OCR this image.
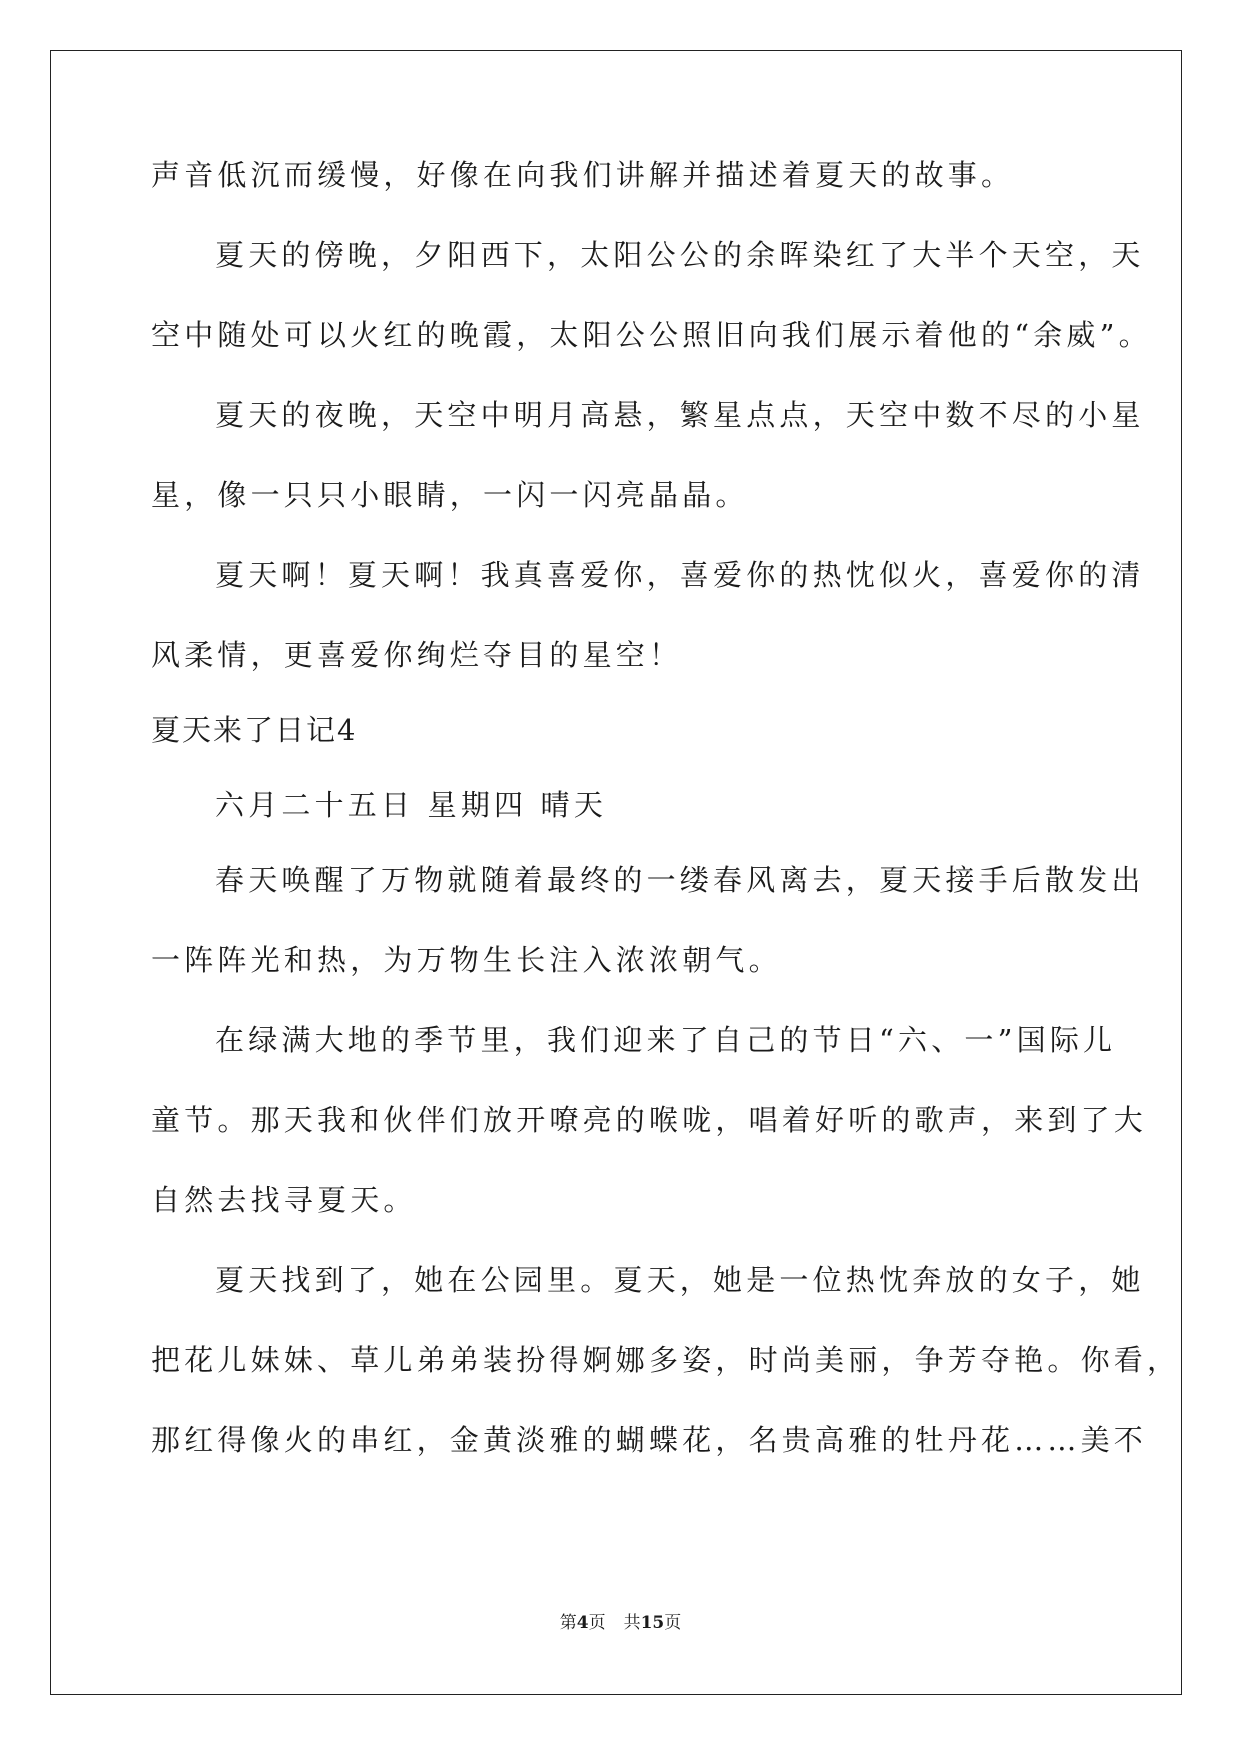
声音低沉而缓慢，好像在向我们讲解并描述着夏天的故事。
夏天的傍晚，夕阳西下，太阳公公的余晖染红了大半个天空，天
空中随处可以火红的晚霞，太阳公公照旧向我们展示着他的“余威”。
夏天的夜晚，天空中明月高悬，繁星点点，天空中数不尽的小星
星，像一只只小眼睛，一闪一闪亮晶晶。
夏天啊！夏天啊！我真喜爱你，喜爱你的热忱似火，喜爱你的清
风柔情，更喜爱你绚烂夺目的星空！
夏天来了日记4
六月二十五日 星期四 晴天
春天唤醒了万物就随着最终的一缕春风离去，夏天接手后散发出
一阵阵光和热，为万物生长注入浓浓朝气。
在绿满大地的季节里，我们迎来了自己的节日“六、一”国际儿
童节。那天我和伙伴们放开嘹亮的喉咙，唱着好听的歌声，来到了大
自然去找寻夏天。
夏天找到了，她在公园里。夏天，她是一位热忱奔放的女子，她
把花儿妹妹、草儿弟弟装扮得婀娜多姿，时尚美丽，争芳夺艳。你看，
那红得像火的串红，金黄淡雅的蝴蝶花，名贵高雅的牡丹花……美不
第4页 共15页
